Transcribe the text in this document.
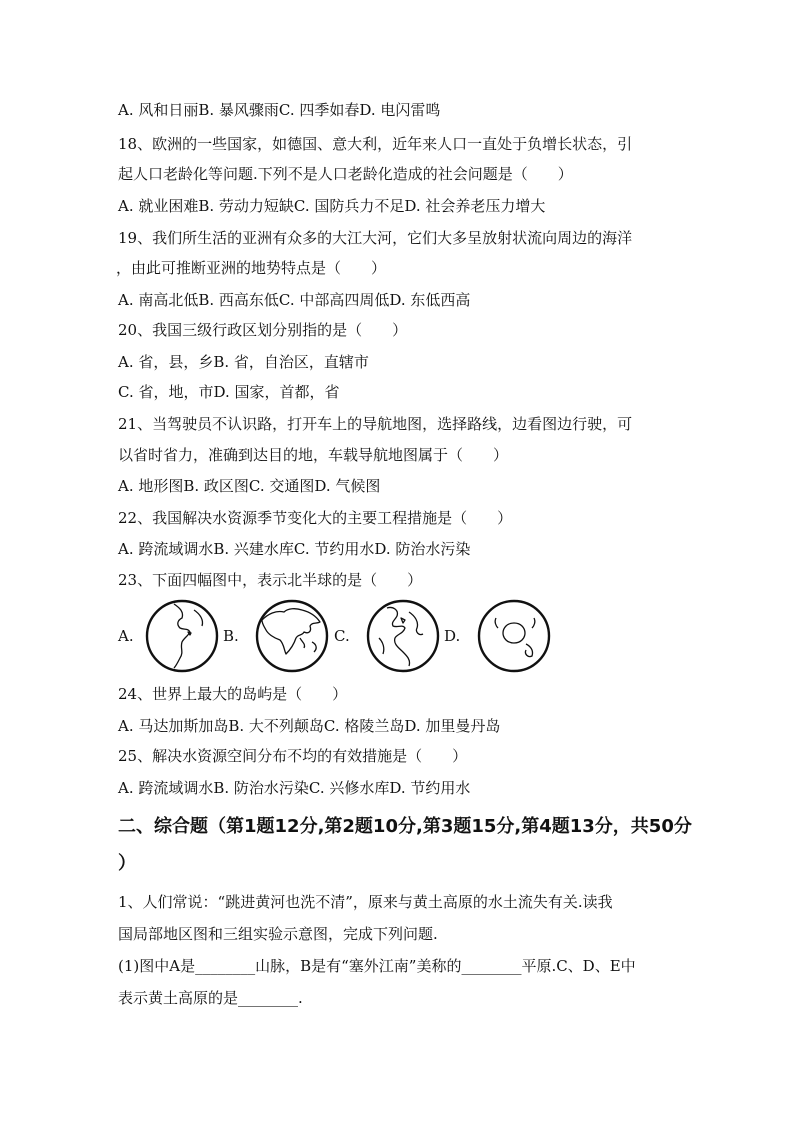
A. 风和日丽B. 暴风骤雨C. 四季如春D. 电闪雷鸣
18、欧洲的一些国家，如德国、意大利，近年来人口一直处于负增长状态，引
起人口老龄化等问题.下列不是人口老龄化造成的社会问题是（　　）
A. 就业困难B. 劳动力短缺C. 国防兵力不足D. 社会养老压力增大
19、我们所生活的亚洲有众多的大江大河，它们大多呈放射状流向周边的海洋
，由此可推断亚洲的地势特点是（　　）
A. 南高北低B. 西高东低C. 中部高四周低D. 东低西高
20、我国三级行政区划分别指的是（　　）
A. 省，县，乡B. 省，自治区，直辖市
C. 省，地，市D. 国家，首都，省
21、当驾驶员不认识路，打开车上的导航地图，选择路线，边看图边行驶，可
以省时省力，准确到达目的地，车载导航地图属于（　　）
A. 地形图B. 政区图C. 交通图D. 气候图
22、我国解决水资源季节变化大的主要工程措施是（　　）
A. 跨流域调水B. 兴建水库C. 节约用水D. 防治水污染
23、下面四幅图中，表示北半球的是（　　）
A.	B.	C.	D.
24、世界上最大的岛屿是（　　）
A. 马达加斯加岛B. 大不列颠岛C. 格陵兰岛D. 加里曼丹岛
25、解决水资源空间分布不均的有效措施是（　　）
A. 跨流域调水B. 防治水污染C. 兴修水库D. 节约用水
二、综合题（第1题12分,第2题10分,第3题15分,第4题13分，共50分
）
1、人们常说：“跳进黄河也洗不清”，原来与黄土高原的水土流失有关.读我
国局部地区图和三组实验示意图，完成下列问题.
(1)图中A是________山脉，B是有“塞外江南”美称的________平原.C、D、E中
表示黄土高原的是________.
